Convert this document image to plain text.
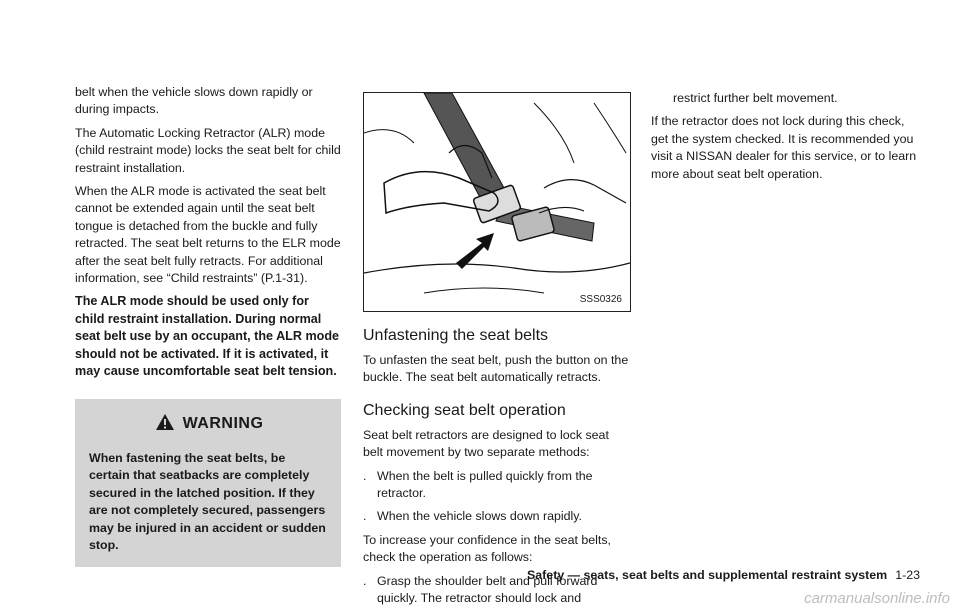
belt when the vehicle slows down rapidly or during impacts.

The Automatic Locking Retractor (ALR) mode (child restraint mode) locks the seat belt for child restraint installation.

When the ALR mode is activated the seat belt cannot be extended again until the seat belt tongue is detached from the buckle and fully retracted. The seat belt returns to the ELR mode after the seat belt fully retracts. For additional information, see “Child restraints” (P.1-31).

The ALR mode should be used only for child restraint installation. During normal seat belt use by an occupant, the ALR mode should not be activated. If it is activated, it may cause uncomfortable seat belt tension.

WARNING

When fastening the seat belts, be certain that seatbacks are completely secured in the latched position. If they are not completely secured, passengers may be injured in an accident or sudden stop.

SSS0326
Unfastening the seat belts

To unfasten the seat belt, push the button on the buckle. The seat belt automatically retracts.

Checking seat belt operation

Seat belt retractors are designed to lock seat belt movement by two separate methods:

. When the belt is pulled quickly from the retractor.
. When the vehicle slows down rapidly.

To increase your confidence in the seat belts, check the operation as follows:

. Grasp the shoulder belt and pull forward quickly. The retractor should lock and

restrict further belt movement.

If the retractor does not lock during this check, get the system checked. It is recommended you visit a NISSAN dealer for this service, or to learn more about seat belt operation.

Safety — seats, seat belts and supplemental restraint system 1-23
carmanualsonline.info
